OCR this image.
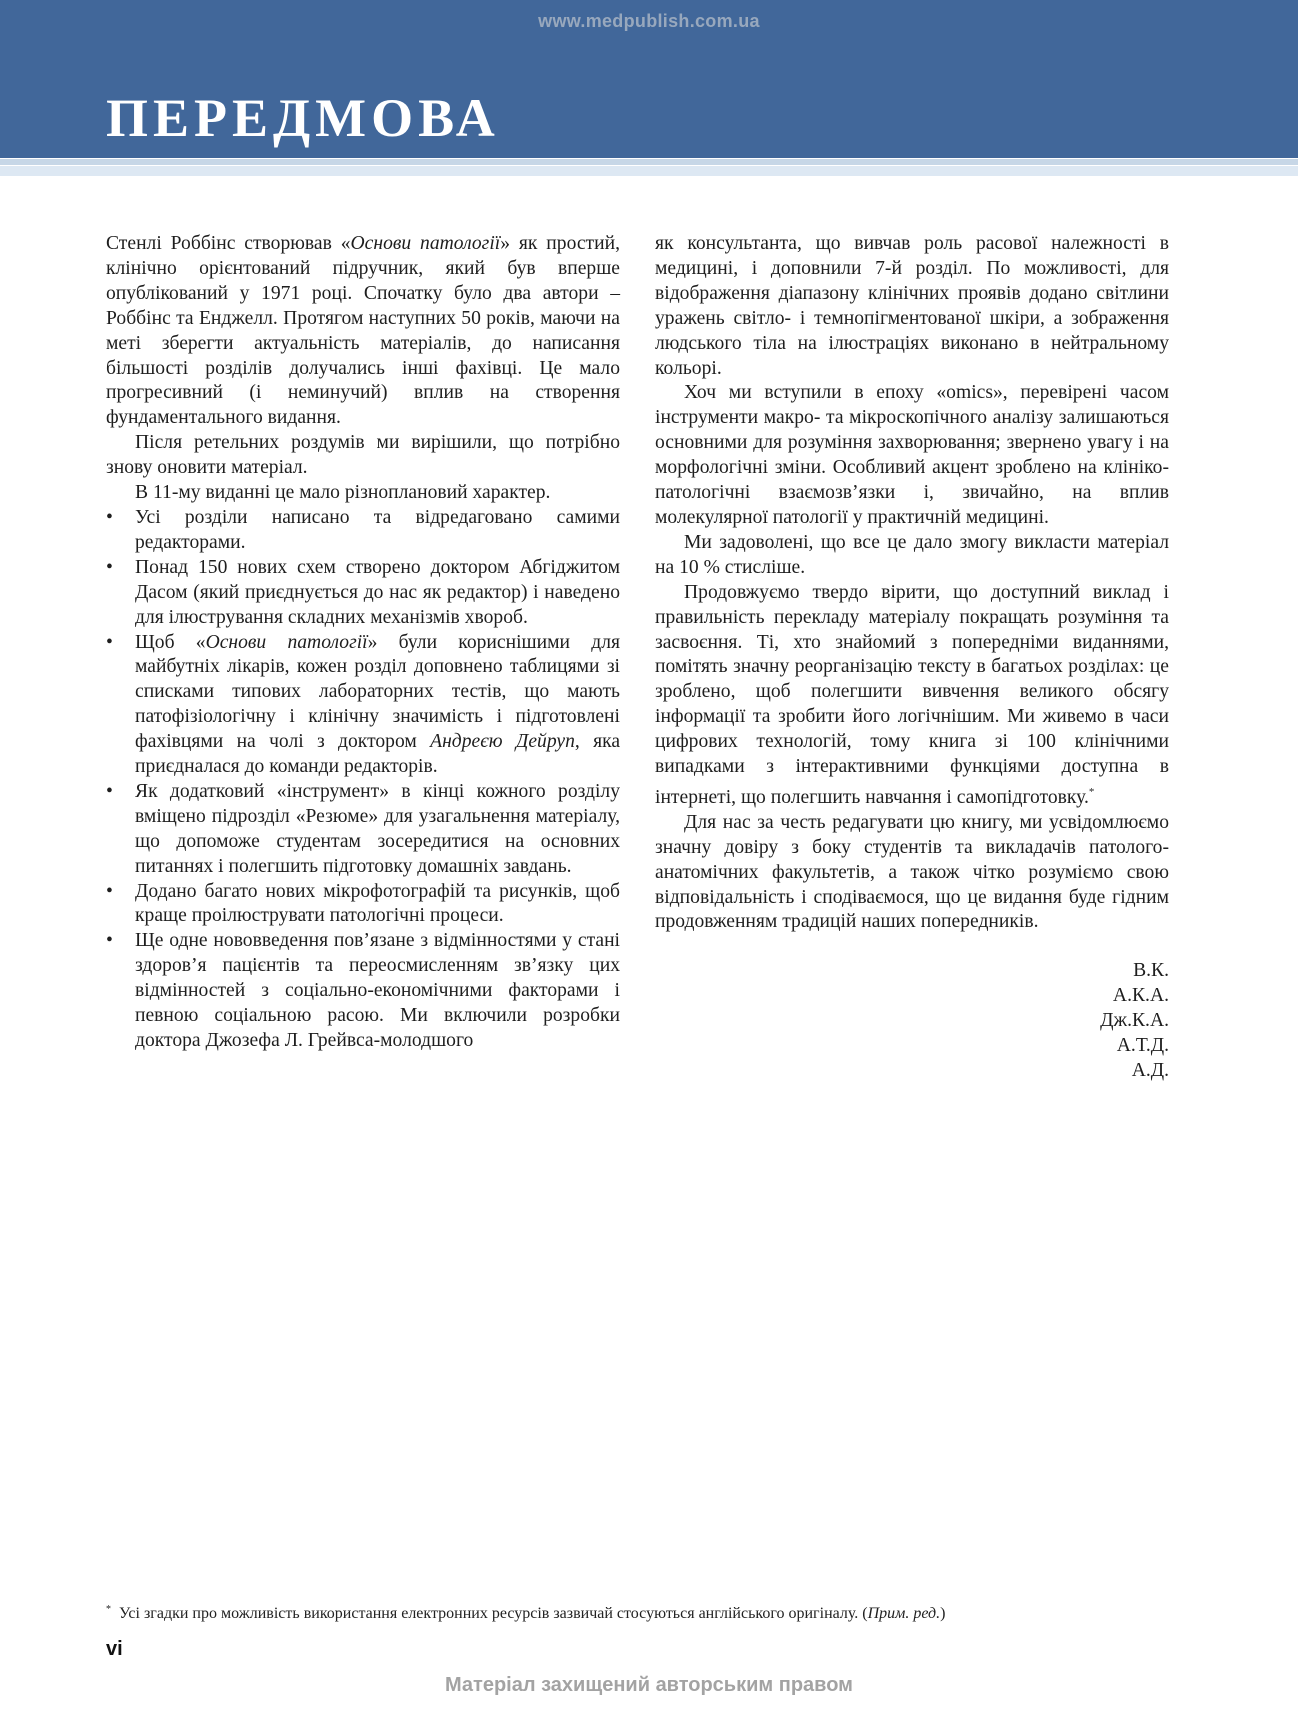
www.medpublish.com.ua
ПЕРЕДМОВА

Стенлі Роббінс створював «Основи патології» як простий, клінічно орієнтований підручник, який був вперше опублікований у 1971 році. Спочатку було два автори – Роббінс та Енджелл. Протягом наступних 50 років, маючи на меті зберегти актуальність матеріалів, до написання більшості розділів долучались інші фахівці. Це мало прогресивний (і неминучий) вплив на створення фундаментального видання.

Після ретельних роздумів ми вирішили, що потрібно знову оновити матеріал.

В 11-му виданні це мало різноплановий характер.

•	Усі розділи написано та відредаговано самими редакторами.
•	Понад 150 нових схем створено доктором Абгіджитом Дасом (який приєднується до нас як редактор) і наведено для ілюстрування складних механізмів хвороб.
•	Щоб «Основи патології» були кориснішими для майбутніх лікарів, кожен розділ доповнено таблицями зі списками типових лабораторних тестів, що мають патофізіологічну і клінічну значимість і підготовлені фахівцями на чолі з доктором Андреєю Дейруп, яка приєдналася до команди редакторів.
•	Як додатковий «інструмент» в кінці кожного розділу вміщено підрозділ «Резюме» для узагальнення матеріалу, що допоможе студентам зосередитися на основних питаннях і полегшить підготовку домашніх завдань.
•	Додано багато нових мікрофотографій та рисунків, щоб краще проілюструвати патологічні процеси.
•	Ще одне нововведення пов’язане з відмінностями у стані здоров’я пацієнтів та переосмисленням зв’язку цих відмінностей з соціально-економічними факторами і певною соціальною расою. Ми включили розробки доктора Джозефа Л. Грейвса-молодшого

як консультанта, що вивчав роль расової належності в медицині, і доповнили 7-й розділ. По можливості, для відображення діапазону клінічних проявів додано світлини уражень світло- і темнопігментованої шкіри, а зображення людського тіла на ілюстраціях виконано в нейтральному кольорі.

Хоч ми вступили в епоху «omics», перевірені часом інструменти макро- та мікроскопічного аналізу залишаються основними для розуміння захворювання; звернено увагу і на морфологічні зміни. Особливий акцент зроблено на клініко-патологічні взаємозв’язки і, звичайно, на вплив молекулярної патології у практичній медицині.

Ми задоволені, що все це дало змогу викласти матеріал на 10 % стисліше.

Продовжуємо твердо вірити, що доступний виклад і правильність перекладу матеріалу покращать розуміння та засвоєння. Ті, хто знайомий з попередніми виданнями, помітять значну реорганізацію тексту в багатьох розділах: це зроблено, щоб полегшити вивчення великого обсягу інформації та зробити його логічнішим. Ми живемо в часи цифрових технологій, тому книга зі 100 клінічними випадками з інтерактивними функціями доступна в інтернеті, що полегшить навчання і самопідготовку.*

Для нас за честь редагувати цю книгу, ми усвідомлюємо значну довіру з боку студентів та викладачів патолого-анатомічних факультетів, а також чітко розуміємо свою відповідальність і сподіваємося, що це видання буде гідним продовженням традицій наших попередників.

В.К.
А.К.А.
Дж.К.А.
А.Т.Д.
А.Д.
* Усі згадки про можливість використання електронних ресурсів зазвичай стосуються англійського оригіналу. (Прим. ред.)
vi
Матеріал захищений авторським правом
